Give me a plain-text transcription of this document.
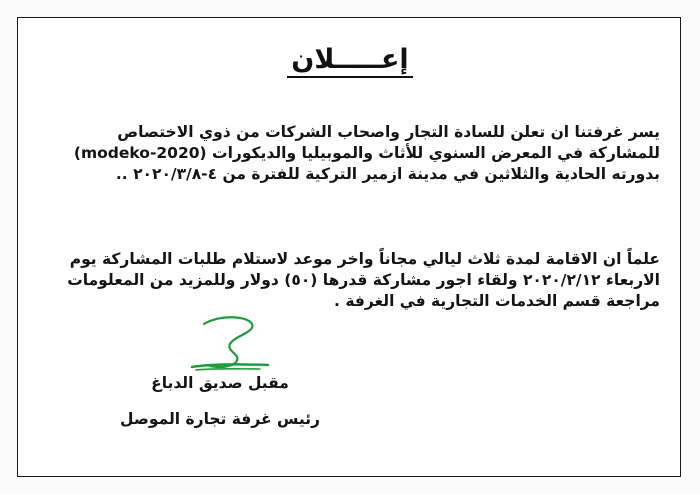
إعـــــلان
يسر غرفتنا ان تعلن للسادة التجار واصحاب الشركات من ذوي الاختصاص
للمشاركة في المعرض السنوي للأثاث والموبيليا والديكورات (modeko-2020)
بدورته الحادية والثلاثين في مدينة ازمير التركية للفترة من ٤-٢٠٢٠/٣/٨ ..
علماً ان الاقامة لمدة ثلاث ليالي مجاناً واخر موعد لاستلام طلبات المشاركة يوم
الاربعاء ٢٠٢٠/٢/١٢ ولقاء اجور مشاركة قدرها (٥٠) دولار وللمزيد من المعلومات
مراجعة قسم الخدمات التجارية في الغرفة .
مقبل صديق الدباغ
رئيس غرفة تجارة الموصل
